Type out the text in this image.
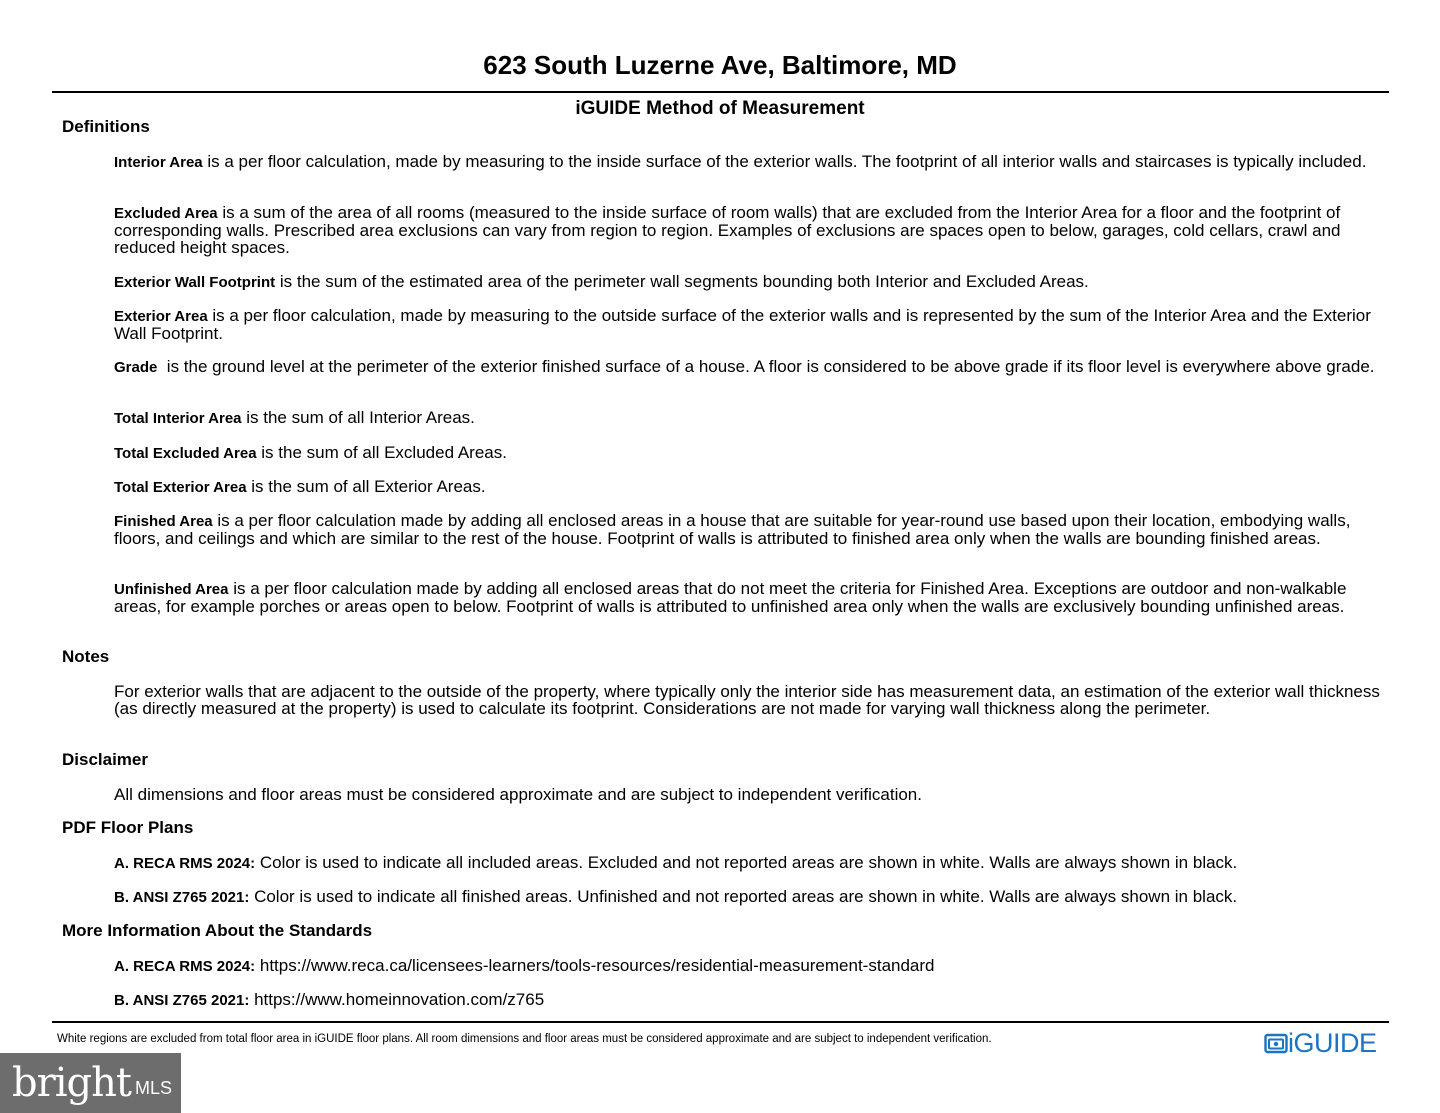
623 South Luzerne Ave, Baltimore, MD
iGUIDE Method of Measurement
Definitions
Interior Area is a per floor calculation, made by measuring to the inside surface of the exterior walls. The footprint of all interior walls and staircases is typically included.
Excluded Area is a sum of the area of all rooms (measured to the inside surface of room walls) that are excluded from the Interior Area for a floor and the footprint of corresponding walls. Prescribed area exclusions can vary from region to region. Examples of exclusions are spaces open to below, garages, cold cellars, crawl and reduced height spaces.
Exterior Wall Footprint is the sum of the estimated area of the perimeter wall segments bounding both Interior and Excluded Areas.
Exterior Area is a per floor calculation, made by measuring to the outside surface of the exterior walls and is represented by the sum of the Interior Area and the Exterior Wall Footprint.
Grade  is the ground level at the perimeter of the exterior finished surface of a house. A floor is considered to be above grade if its floor level is everywhere above grade.
Total Interior Area is the sum of all Interior Areas.
Total Excluded Area is the sum of all Excluded Areas.
Total Exterior Area is the sum of all Exterior Areas.
Finished Area is a per floor calculation made by adding all enclosed areas in a house that are suitable for year-round use based upon their location, embodying walls, floors, and ceilings and which are similar to the rest of the house. Footprint of walls is attributed to finished area only when the walls are bounding finished areas.
Unfinished Area is a per floor calculation made by adding all enclosed areas that do not meet the criteria for Finished Area. Exceptions are outdoor and non-walkable areas, for example porches or areas open to below. Footprint of walls is attributed to unfinished area only when the walls are exclusively bounding unfinished areas.
Notes
For exterior walls that are adjacent to the outside of the property, where typically only the interior side has measurement data, an estimation of the exterior wall thickness (as directly measured at the property) is used to calculate its footprint. Considerations are not made for varying wall thickness along the perimeter.
Disclaimer
All dimensions and floor areas must be considered approximate and are subject to independent verification.
PDF Floor Plans
A. RECA RMS 2024: Color is used to indicate all included areas. Excluded and not reported areas are shown in white. Walls are always shown in black.
B. ANSI Z765 2021: Color is used to indicate all finished areas. Unfinished and not reported areas are shown in white. Walls are always shown in black.
More Information About the Standards
A. RECA RMS 2024: https://www.reca.ca/licensees-learners/tools-resources/residential-measurement-standard
B. ANSI Z765 2021: https://www.homeinnovation.com/z765
White regions are excluded from total floor area in iGUIDE floor plans. All room dimensions and floor areas must be considered approximate and are subject to independent verification.	iGUIDE
bright MLS
